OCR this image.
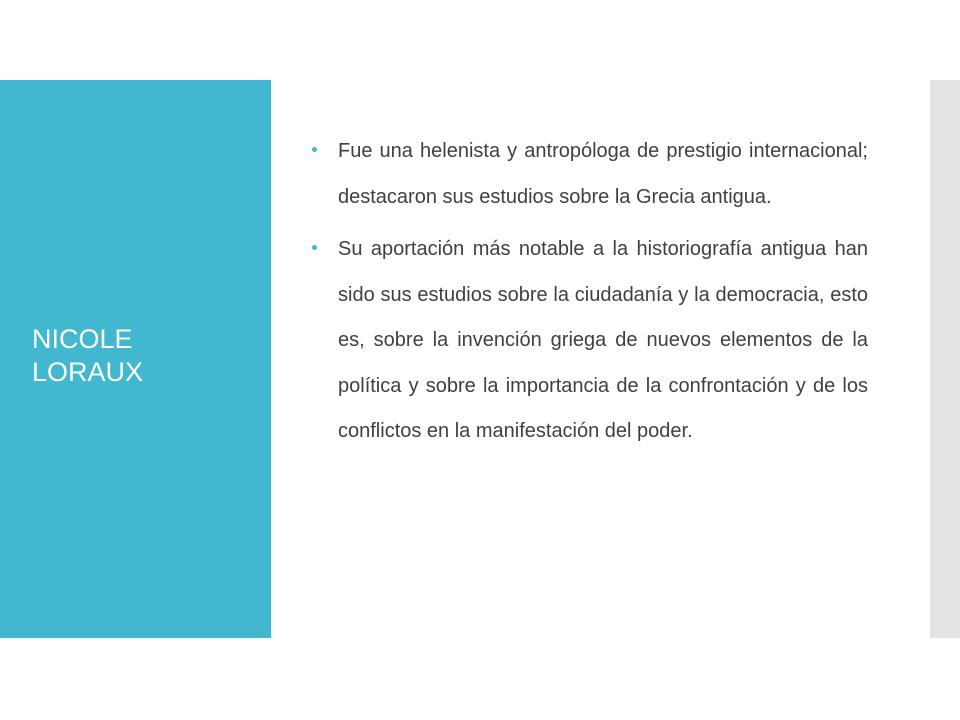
NICOLE
LORAUX
Fue una helenista y antropóloga de prestigio internacional; destacaron sus estudios sobre la Grecia antigua.
Su aportación más notable a la historiografía antigua han sido sus estudios sobre la ciudadanía y la democracia, esto es, sobre la invención griega de nuevos elementos de la política y sobre la importancia de la confrontación y de los conflictos en la manifestación del poder.
